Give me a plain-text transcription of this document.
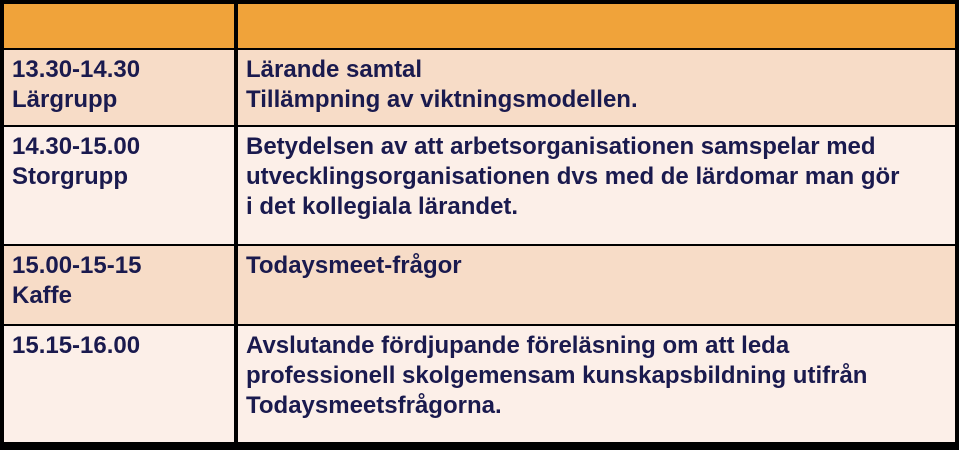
13.30-14.30
Lärgrupp
Lärande samtal
Tillämpning av viktningsmodellen.
14.30-15.00
Storgrupp
Betydelsen av att arbetsorganisationen samspelar med
utvecklingsorganisationen dvs med de lärdomar man gör
i det kollegiala lärandet.
15.00-15-15
Kaffe
Todaysmeet-frågor
15.15-16.00	Avslutande fördjupande föreläsning om att leda
professionell skolgemensam kunskapsbildning utifrån
Todaysmeetsfrågorna.
